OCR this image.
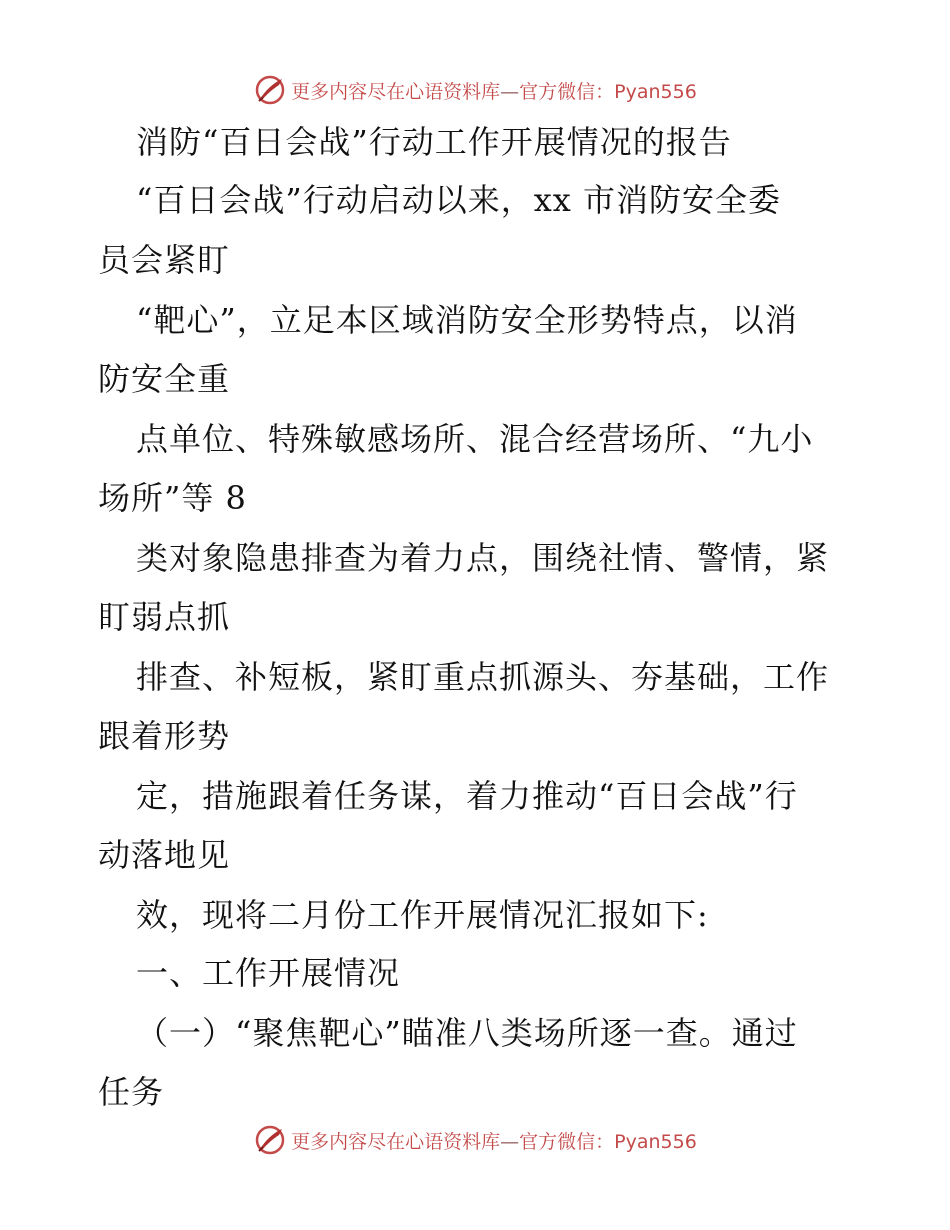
更多内容尽在心语资料库—官方微信：Pyan556
消防“百日会战”行动工作开展情况的报告
“百日会战”行动启动以来，xx 市消防安全委
员会紧盯
“靶心”，立足本区域消防安全形势特点，以消
防安全重
点单位、特殊敏感场所、混合经营场所、“九小
场所”等 8
类对象隐患排查为着力点，围绕社情、警情，紧
盯弱点抓
排查、补短板，紧盯重点抓源头、夯基础，工作
跟着形势
定，措施跟着任务谋，着力推动“百日会战”行
动落地见
效，现将二月份工作开展情况汇报如下:
一、工作开展情况
（一）“聚焦靶心”瞄准八类场所逐一查。通过
任务
更多内容尽在心语资料库—官方微信：Pyan556
